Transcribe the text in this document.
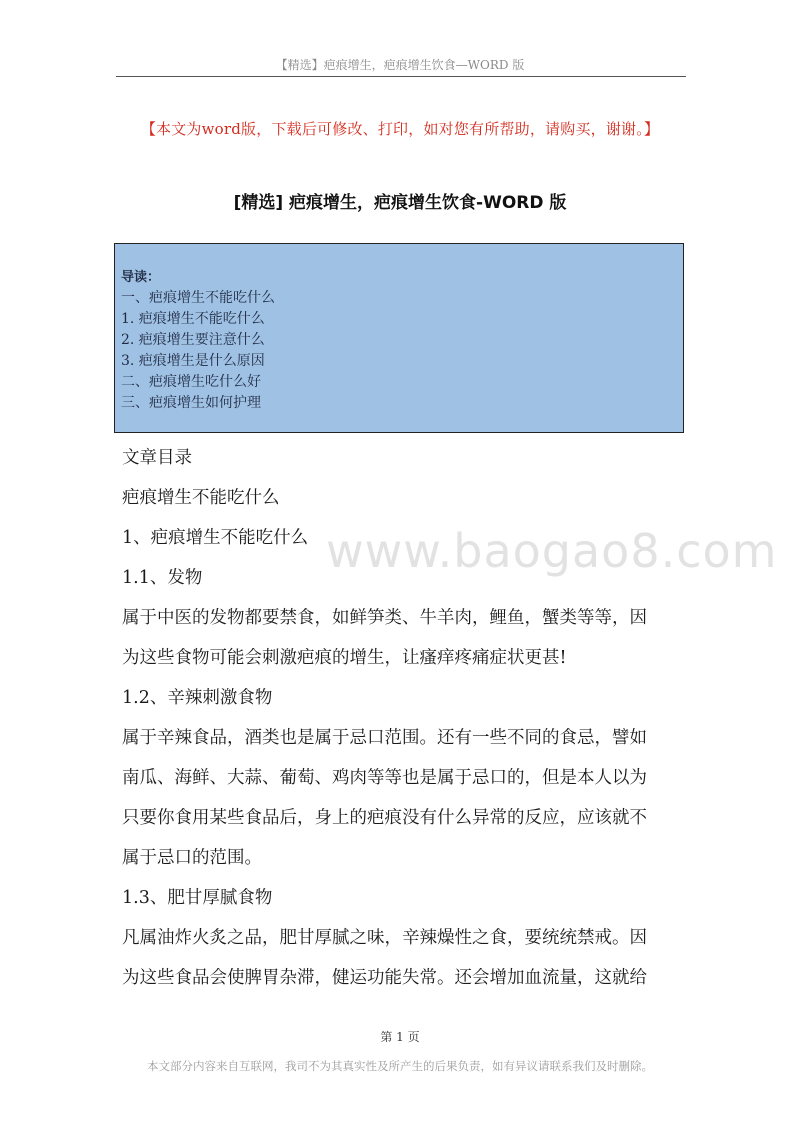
【精选】疤痕增生，疤痕增生饮食—WORD 版
【本文为word版，下载后可修改、打印，如对您有所帮助，请购买，谢谢。】
[精选] 疤痕增生，疤痕增生饮食-WORD 版
导读：
一、疤痕增生不能吃什么
1. 疤痕增生不能吃什么
2. 疤痕增生要注意什么
3. 疤痕增生是什么原因
二、疤痕增生吃什么好
三、疤痕增生如何护理
www.baogao8.com

文章目录

疤痕增生不能吃什么

1、疤痕增生不能吃什么

1.1、发物

属于中医的发物都要禁食，如鲜笋类、牛羊肉，鲤鱼，蟹类等等，因

为这些食物可能会刺激疤痕的增生，让瘙痒疼痛症状更甚!

1.2、辛辣刺激食物

属于辛辣食品，酒类也是属于忌口范围。还有一些不同的食忌，譬如

南瓜、海鲜、大蒜、葡萄、鸡肉等等也是属于忌口的，但是本人以为

只要你食用某些食品后，身上的疤痕没有什么异常的反应，应该就不

属于忌口的范围。

1.3、肥甘厚腻食物

凡属油炸火炙之品，肥甘厚腻之味，辛辣燥性之食，要统统禁戒。因

为这些食品会使脾胃杂滞，健运功能失常。还会增加血流量，这就给

第 1 页
本文部分内容来自互联网，我司不为其真实性及所产生的后果负责，如有异议请联系我们及时删除。
